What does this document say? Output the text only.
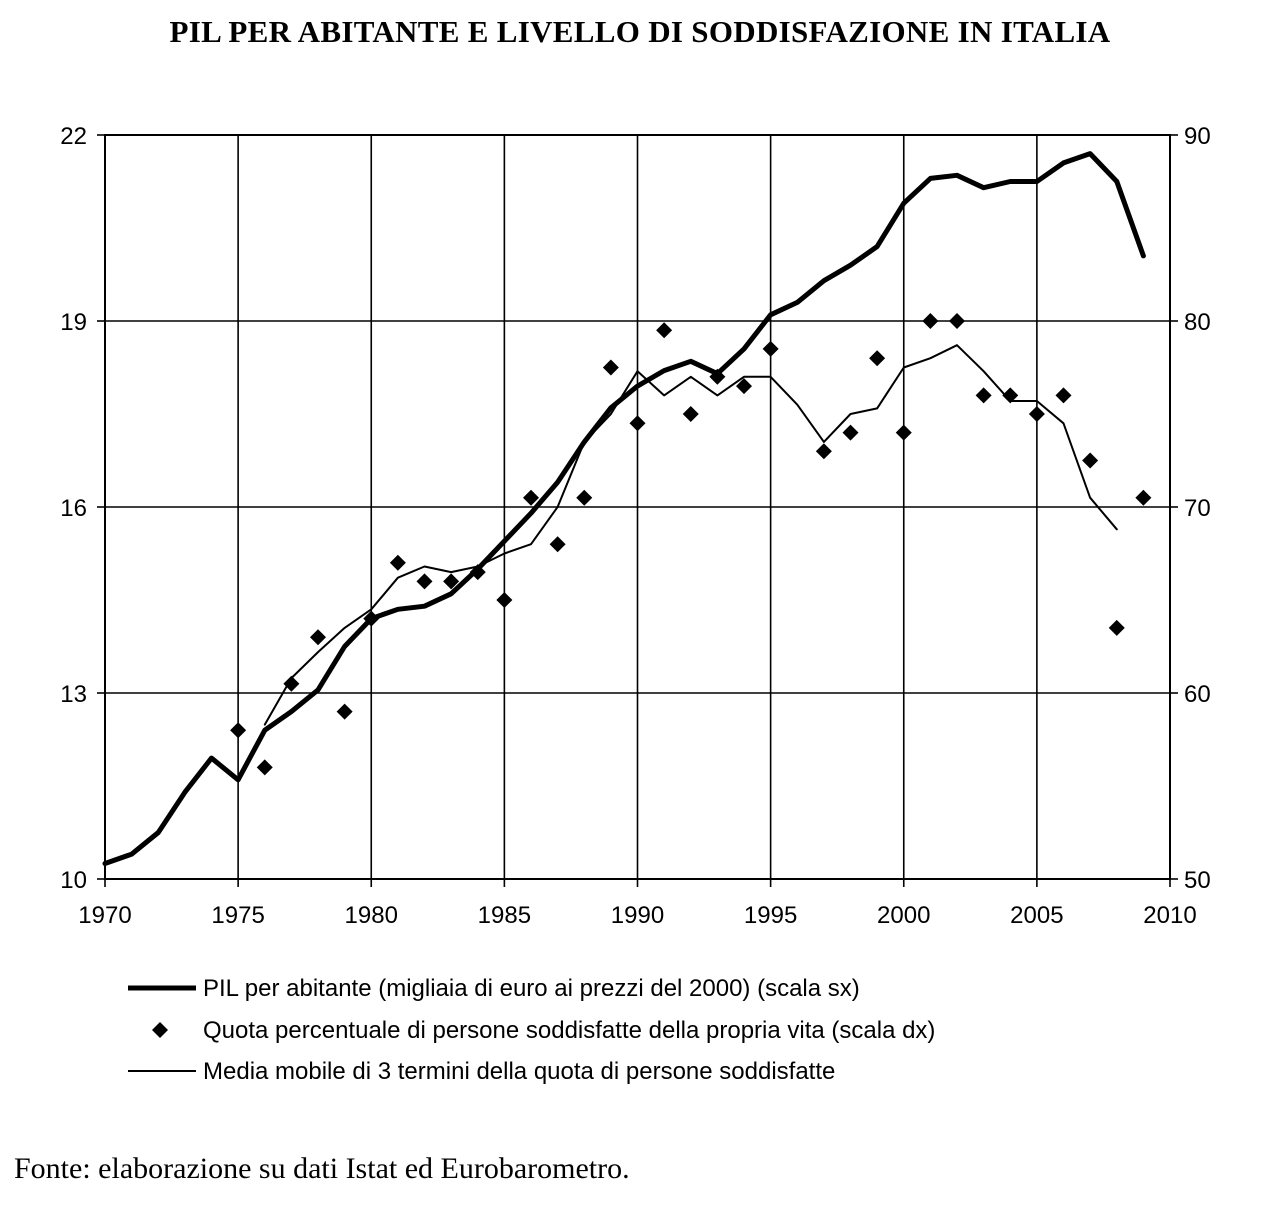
PIL PER ABITANTE E LIVELLO DI SODDISFAZIONE IN ITALIA
1970	1975	1980	1985	1990	1995	2000	2005	2010
10
13
16
19
22
50
60
70
80
90
PIL per abitante (migliaia di euro ai prezzi del 2000) (scala sx)
Quota percentuale di persone soddisfatte della propria vita (scala dx)
Media mobile di 3 termini della quota di persone soddisfatte
Fonte: elaborazione su dati Istat ed Eurobarometro.
